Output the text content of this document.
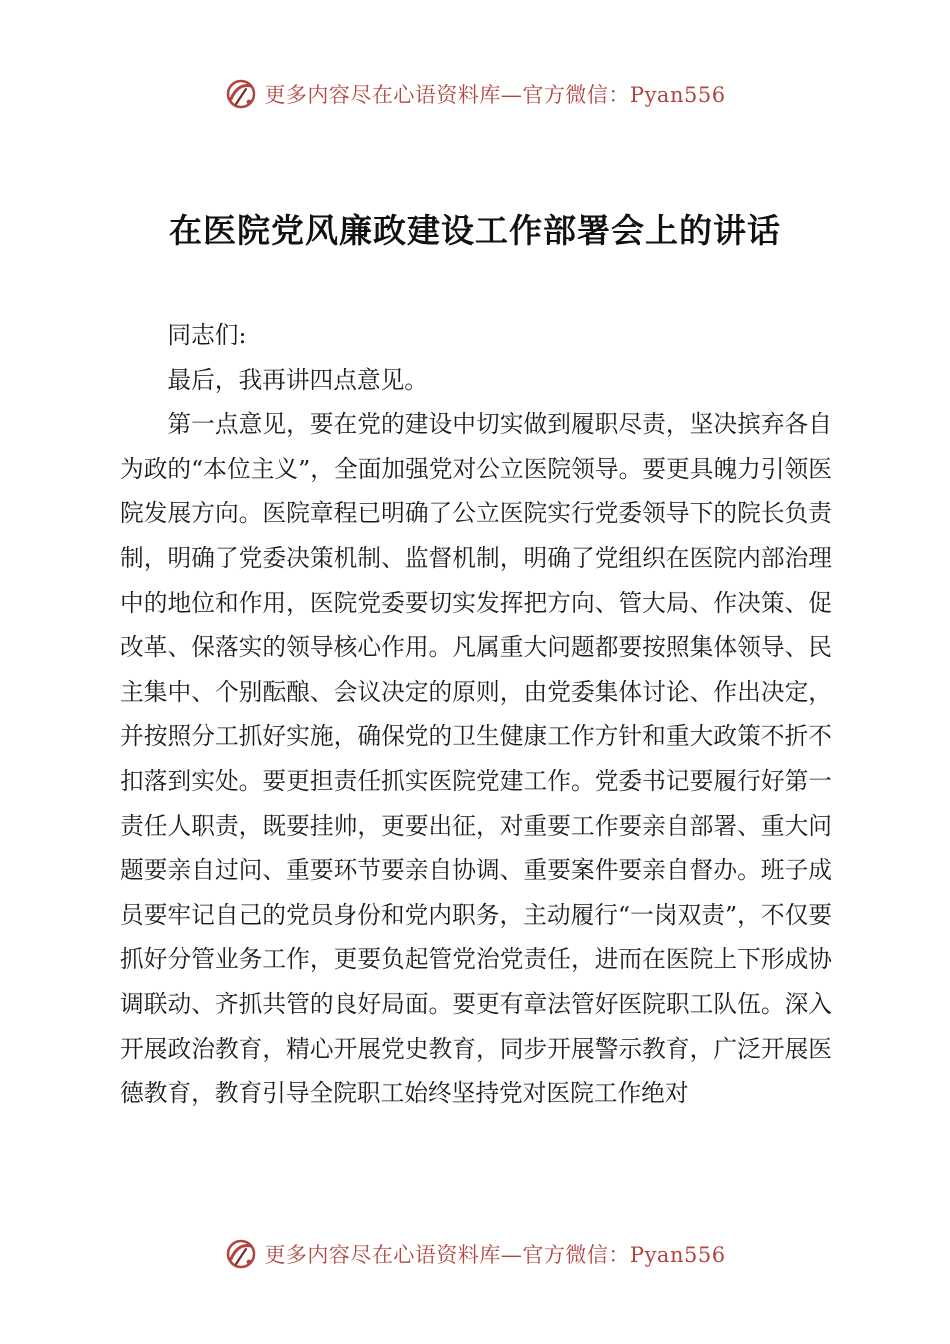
更多内容尽在心语资料库—官方微信：Pyan556
在医院党风廉政建设工作部署会上的讲话

同志们:

最后，我再讲四点意见。

第一点意见，要在党的建设中切实做到履职尽责，坚决摈弃各自为政的“本位主义”，全面加强党对公立医院领导。要更具魄力引领医院发展方向。医院章程已明确了公立医院实行党委领导下的院长负责制，明确了党委决策机制、监督机制，明确了党组织在医院内部治理中的地位和作用，医院党委要切实发挥把方向、管大局、作决策、促改革、保落实的领导核心作用。凡属重大问题都要按照集体领导、民主集中、个别酝酿、会议决定的原则，由党委集体讨论、作出决定，并按照分工抓好实施，确保党的卫生健康工作方针和重大政策不折不扣落到实处。要更担责任抓实医院党建工作。党委书记要履行好第一责任人职责，既要挂帅，更要出征，对重要工作要亲自部署、重大问题要亲自过问、重要环节要亲自协调、重要案件要亲自督办。班子成员要牢记自己的党员身份和党内职务，主动履行“一岗双责”，不仅要抓好分管业务工作，更要负起管党治党责任，进而在医院上下形成协调联动、齐抓共管的良好局面。要更有章法管好医院职工队伍。深入开展政治教育，精心开展党史教育，同步开展警示教育，广泛开展医德教育，教育引导全院职工始终坚持党对医院工作绝对

更多内容尽在心语资料库—官方微信：Pyan556
